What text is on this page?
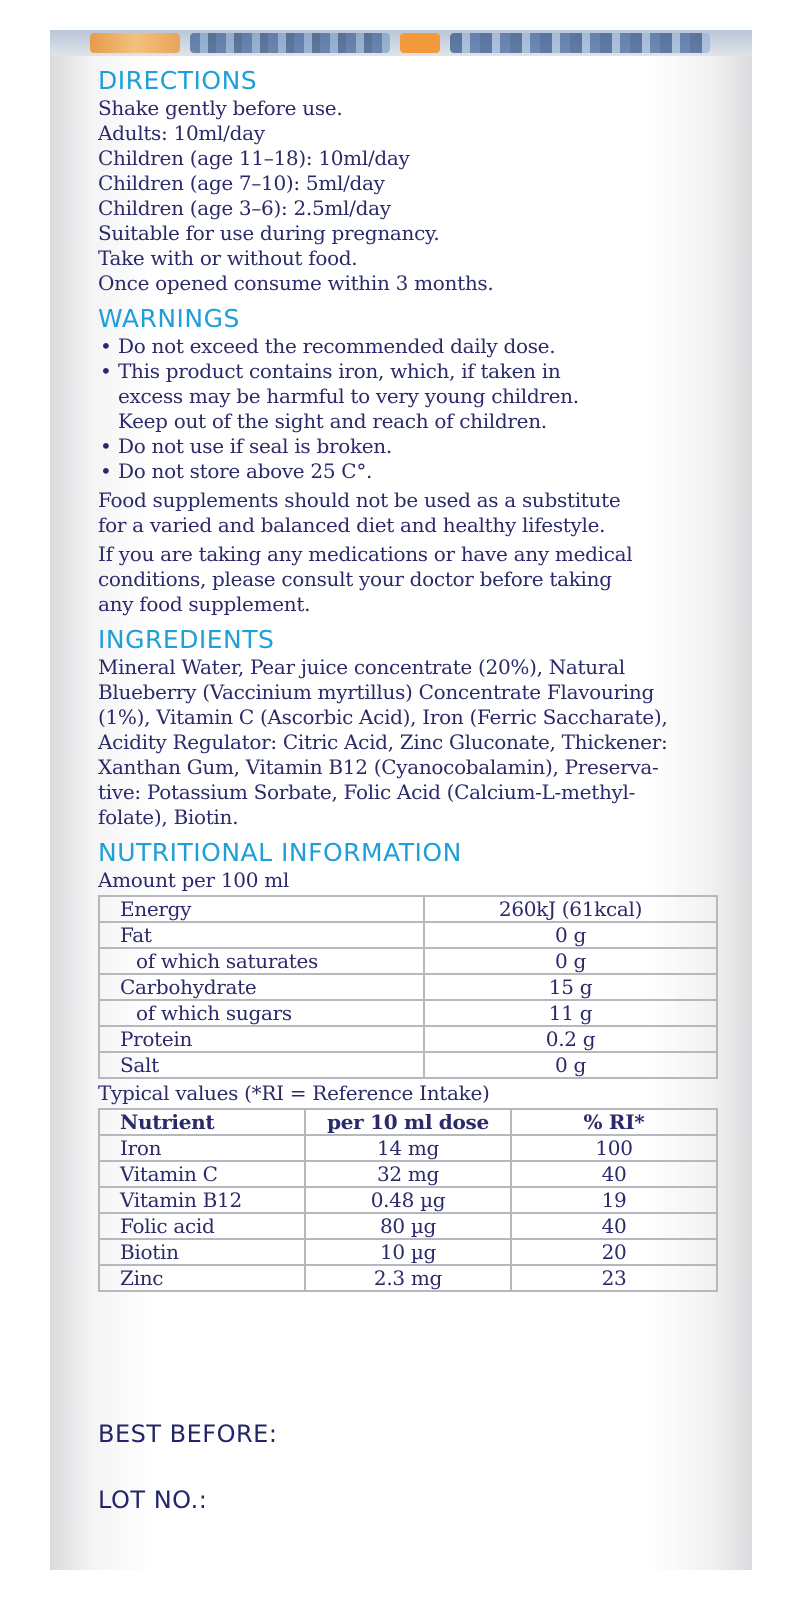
DIRECTIONS
Shake gently before use.
Adults: 10ml/day
Children (age 11–18): 10ml/day
Children (age 7–10): 5ml/day
Children (age 3–6): 2.5ml/day
Suitable for use during pregnancy.
Take with or without food.
Once opened consume within 3 months.
WARNINGS
• Do not exceed the recommended daily dose.
• This product contains iron, which, if taken in
excess may be harmful to very young children.
Keep out of the sight and reach of children.
• Do not use if seal is broken.
• Do not store above 25 C°.
Food supplements should not be used as a substitute
for a varied and balanced diet and healthy lifestyle.
If you are taking any medications or have any medical
conditions, please consult your doctor before taking
any food supplement.
INGREDIENTS
Mineral Water, Pear juice concentrate (20%), Natural
Blueberry (Vaccinium myrtillus) Concentrate Flavouring
(1%), Vitamin C (Ascorbic Acid), Iron (Ferric Saccharate),
Acidity Regulator: Citric Acid, Zinc Gluconate, Thickener:
Xanthan Gum, Vitamin B12 (Cyanocobalamin), Preserva-
tive: Potassium Sorbate, Folic Acid (Calcium-L-methyl-
folate), Biotin.
NUTRITIONAL INFORMATION
Amount per 100 ml
Energy	260kJ (61kcal)
Fat	0 g
of which saturates	0 g
Carbohydrate	15 g
of which sugars	11 g
Protein	0.2 g
Salt	0 g
Typical values (*RI = Reference Intake)
Nutrient	per 10 ml dose	% RI*
Iron	14 mg	100
Vitamin C	32 mg	40
Vitamin B12	0.48 µg	19
Folic acid	80 µg	40
Biotin	10 µg	20
Zinc	2.3 mg	23
BEST BEFORE:
LOT NO.:
